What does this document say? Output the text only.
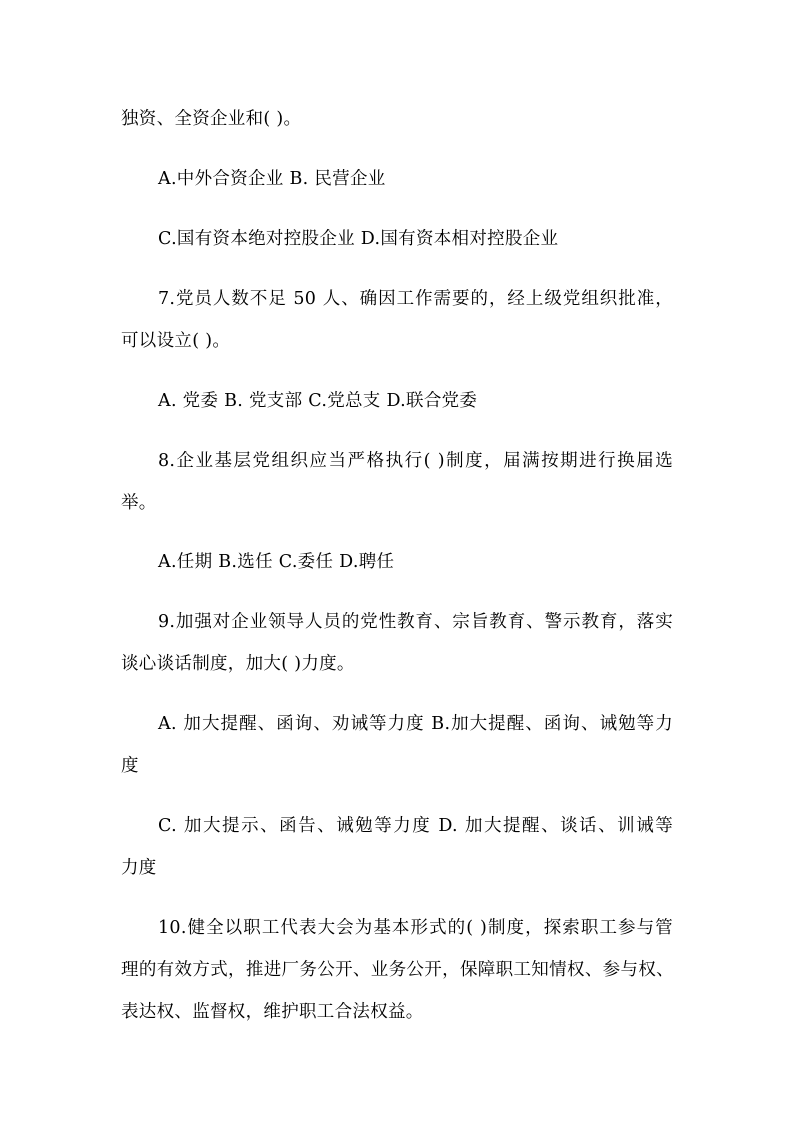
独资、全资企业和( )。
A.中外合资企业 B. 民营企业
C.国有资本绝对控股企业 D.国有资本相对控股企业
7.党员人数不足 50 人、确因工作需要的，经上级党组织批准，
可以设立( )。
A. 党委 B. 党支部 C.党总支 D.联合党委
8.企业基层党组织应当严格执行( )制度，届满按期进行换届选
举。
A.任期 B.选任 C.委任 D.聘任
9.加强对企业领导人员的党性教育、宗旨教育、警示教育，落实
谈心谈话制度，加大( )力度。
A. 加大提醒、函询、劝诫等力度 B.加大提醒、函询、诫勉等力
度
C. 加大提示、函告、诫勉等力度 D. 加大提醒、谈话、训诫等
力度
10.健全以职工代表大会为基本形式的( )制度，探索职工参与管
理的有效方式，推进厂务公开、业务公开，保障职工知情权、参与权、
表达权、监督权，维护职工合法权益。
